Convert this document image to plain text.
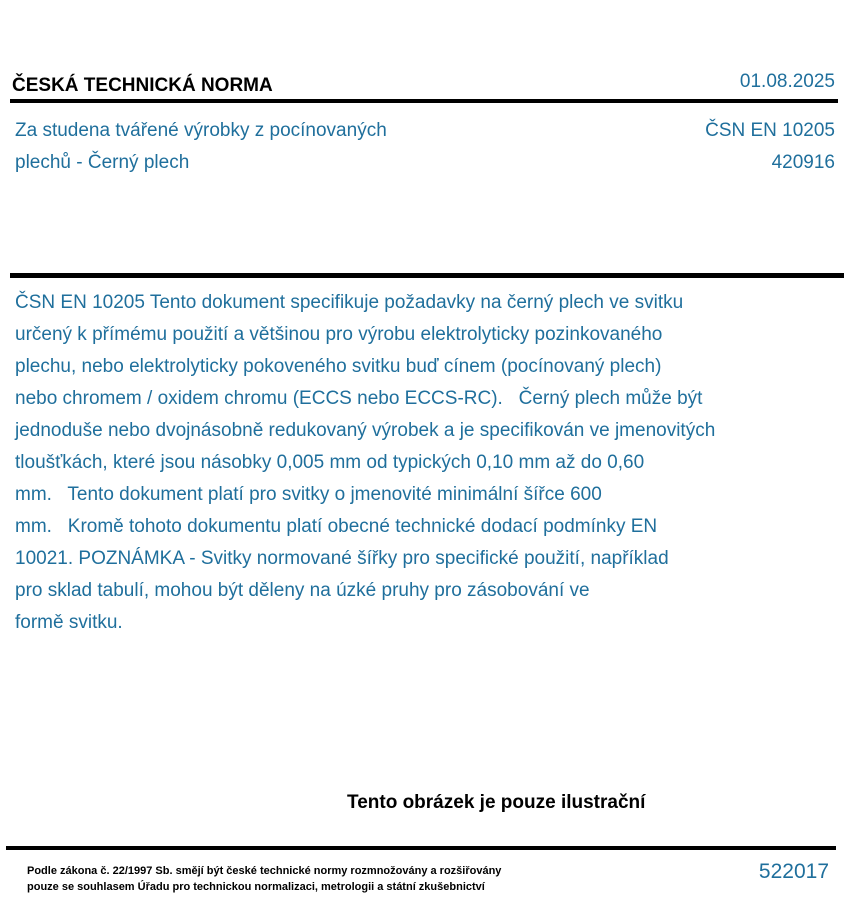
ČESKÁ TECHNICKÁ NORMA	01.08.2025
Za studena tvářené výrobky z pocínovaných
plechů - Černý plech
ČSN EN 10205
420916

ČSN EN 10205 Tento dokument specifikuje požadavky na černý plech ve svitku

určený k přímému použití a většinou pro výrobu elektrolyticky pozinkovaného

plechu, nebo elektrolyticky pokoveného svitku buď cínem (pocínovaný plech)

nebo chromem / oxidem chromu (ECCS nebo ECCS-RC).   Černý plech může být

jednoduše nebo dvojnásobně redukovaný výrobek a je specifikován ve jmenovitých

tloušťkách, které jsou násobky 0,005 mm od typických 0,10 mm až do 0,60

mm.   Tento dokument platí pro svitky o jmenovité minimální šířce 600

mm.   Kromě tohoto dokumentu platí obecné technické dodací podmínky EN

10021. POZNÁMKA - Svitky normované šířky pro specifické použití, například

pro sklad tabulí, mohou být děleny na úzké pruhy pro zásobování ve

formě svitku.

Tento obrázek je pouze ilustrační
Podle zákona č. 22/1997 Sb. smějí být české technické normy rozmnožovány a rozšiřovány
pouze se souhlasem Úřadu pro technickou normalizaci, metrologii a státní zkušebnictví
522017
